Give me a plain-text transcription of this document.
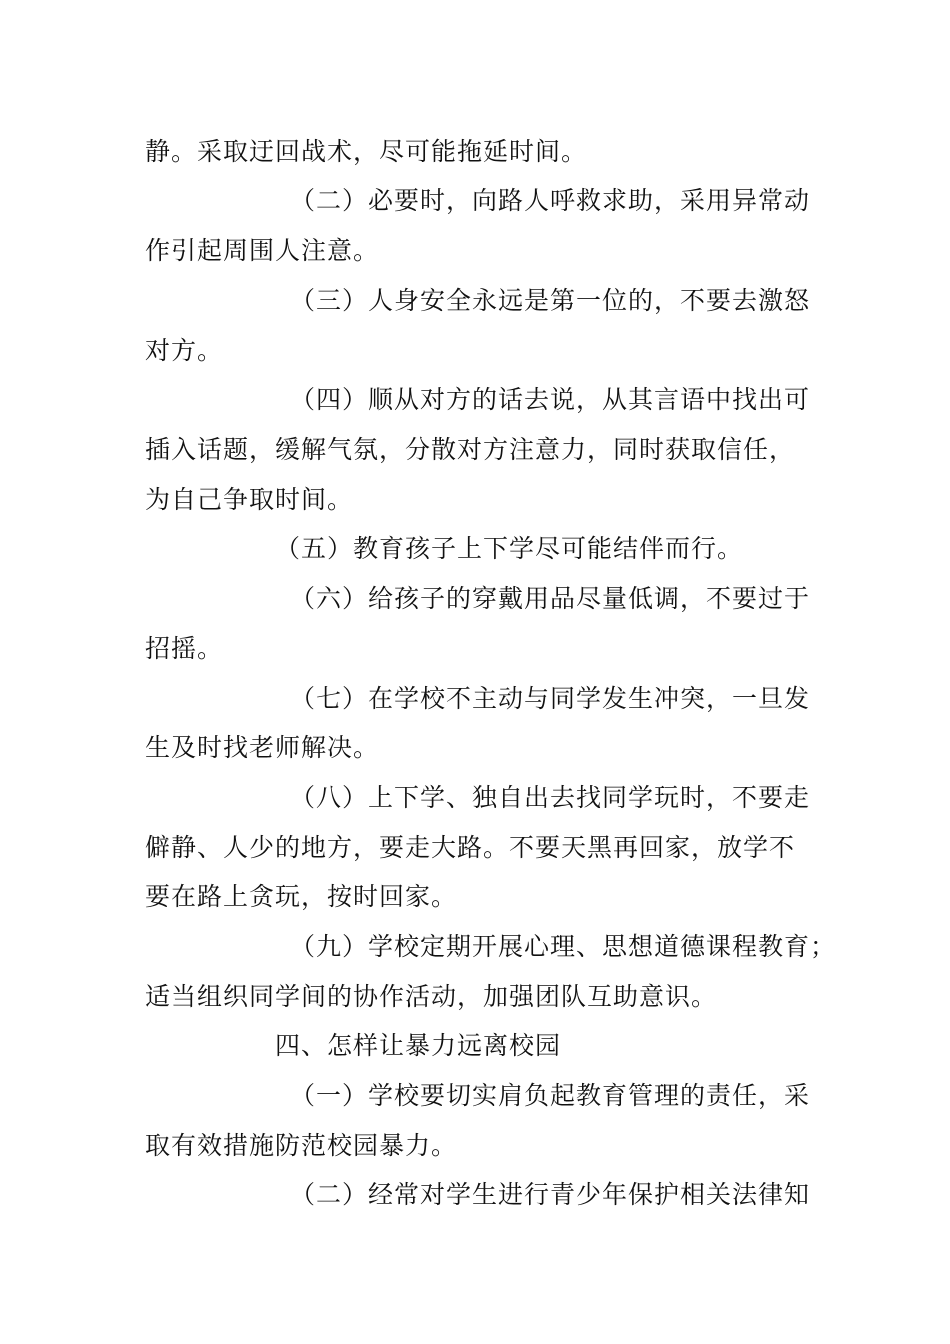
静。采取迂回战术，尽可能拖延时间。
（二）必要时，向路人呼救求助，采用异常动
作引起周围人注意。
（三）人身安全永远是第一位的，不要去激怒
对方。
（四）顺从对方的话去说，从其言语中找出可
插入话题，缓解气氛，分散对方注意力，同时获取信任，
为自己争取时间。
（五）教育孩子上下学尽可能结伴而行。
（六）给孩子的穿戴用品尽量低调，不要过于
招摇。
（七）在学校不主动与同学发生冲突，一旦发
生及时找老师解决。
（八）上下学、独自出去找同学玩时，不要走
僻静、人少的地方，要走大路。不要天黑再回家，放学不
要在路上贪玩，按时回家。
（九）学校定期开展心理、思想道德课程教育；
适当组织同学间的协作活动，加强团队互助意识。
四、怎样让暴力远离校园
（一）学校要切实肩负起教育管理的责任，采
取有效措施防范校园暴力。
（二）经常对学生进行青少年保护相关法律知
